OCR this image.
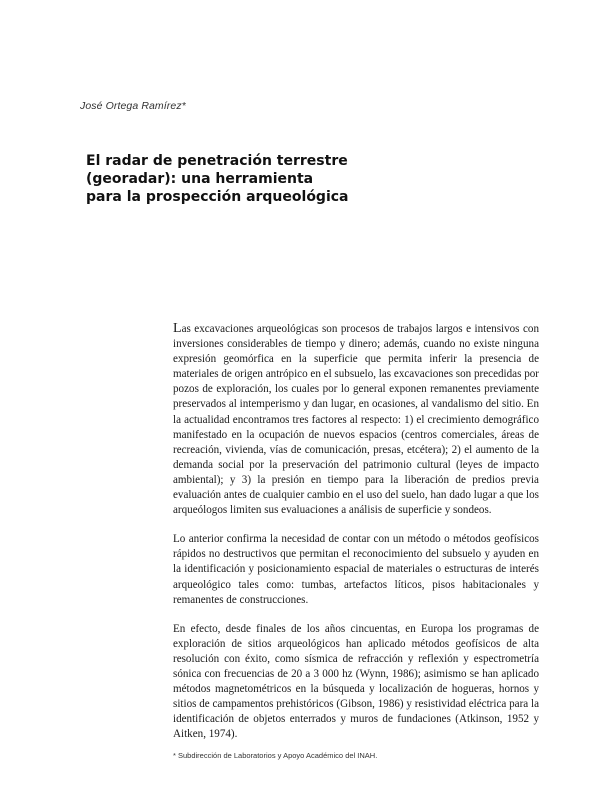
José Ortega Ramírez*
El radar de penetración terrestre
(georadar): una herramienta
para la prospección arqueológica

Las excavaciones arqueológicas son procesos de trabajos largos e intensivos con inversiones considerables de tiempo y dinero; además, cuando no existe ninguna expresión geomórfica en la superficie que permita inferir la presencia de materiales de origen antrópico en el subsuelo, las excavaciones son precedidas por pozos de exploración, los cuales por lo general exponen remanentes previamente preservados al intemperismo y dan lugar, en ocasiones, al vandalismo del sitio. En la actualidad encontramos tres factores al respecto: 1) el crecimiento demográfico manifestado en la ocupación de nuevos espacios (centros comerciales, áreas de recreación, vivienda, vías de comunicación, presas, etcétera); 2) el aumento de la demanda social por la preservación del patrimonio cultural (leyes de impacto ambiental); y 3) la presión en tiempo para la liberación de predios previa evaluación antes de cualquier cambio en el uso del suelo, han dado lugar a que los arqueólogos limiten sus evaluaciones a análisis de superficie y sondeos.

Lo anterior confirma la necesidad de contar con un método o métodos geofísicos rápidos no destructivos que permitan el reconocimiento del subsuelo y ayuden en la identificación y posicionamiento espacial de materiales o estructuras de interés arqueológico tales como: tumbas, artefactos líticos, pisos habitacionales y remanentes de construcciones.

En efecto, desde finales de los años cincuentas, en Europa los programas de exploración de sitios arqueológicos han aplicado métodos geofísicos de alta resolución con éxito, como sísmica de refracción y reflexión y espectrometría sónica con frecuencias de 20 a 3 000 hz (Wynn, 1986); asimismo se han aplicado métodos magnetométricos en la búsqueda y localización de hogueras, hornos y sitios de campamentos prehistóricos (Gibson, 1986) y resistividad eléctrica para la identificación de objetos enterrados y muros de fundaciones (Atkinson, 1952 y Aitken, 1974).

* Subdirección de Laboratorios y Apoyo Académico del INAH.
